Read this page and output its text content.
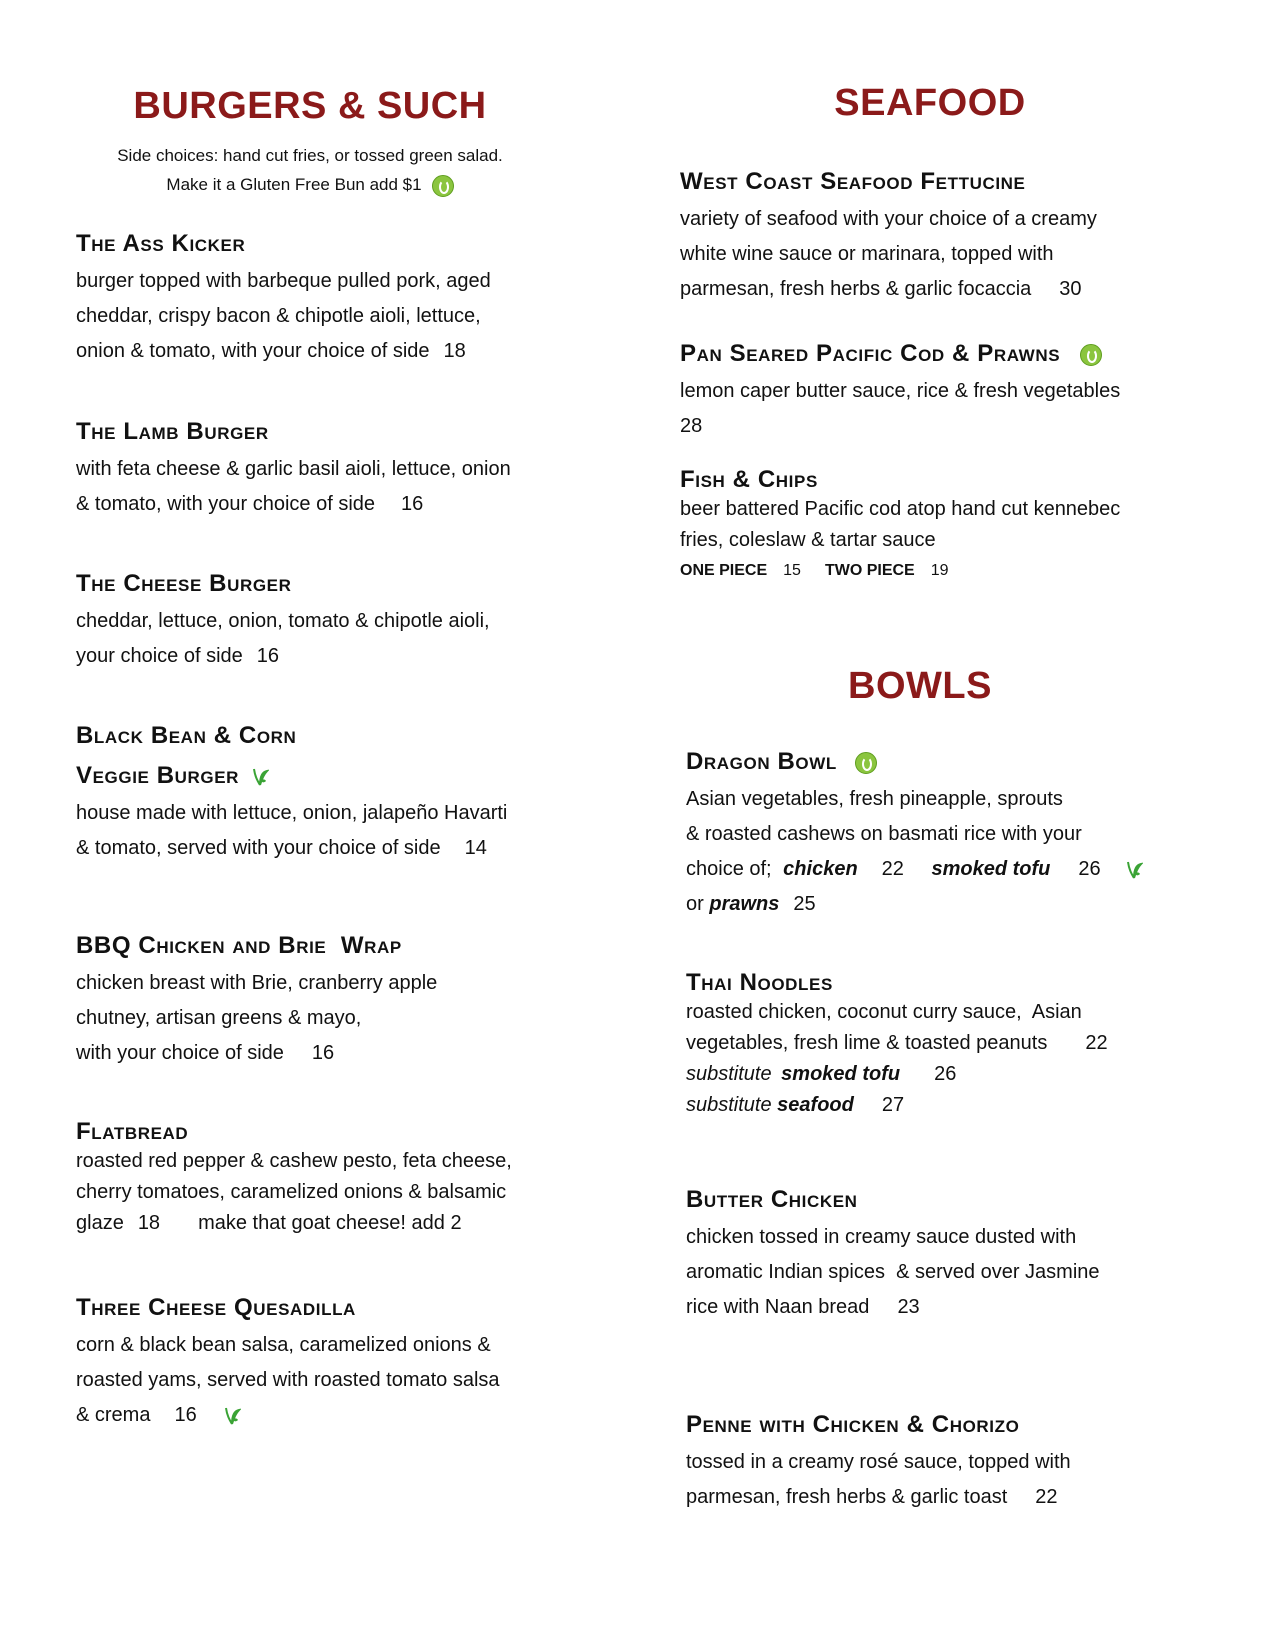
BURGERS & SUCH
Side choices: hand cut fries, or tossed green salad.
Make it a Gluten Free Bun add $1

The Ass Kicker

burger topped with barbeque pulled pork, aged
cheddar, crispy bacon & chipotle aioli, lettuce,
onion & tomato, with your choice of side 18

The Lamb Burger

with feta cheese & garlic basil aioli, lettuce, onion
& tomato, with your choice of side 16

The Cheese Burger

cheddar, lettuce, onion, tomato & chipotle aioli,
your choice of side 16

Black Bean & Corn

Veggie Burger

house made with lettuce, onion, jalapeño Havarti
& tomato, served with your choice of side 14

BBQ Chicken and Brie  Wrap

chicken breast with Brie, cranberry apple
chutney, artisan greens & mayo,
with your choice of side 16

Flatbread

roasted red pepper & cashew pesto, feta cheese,
cherry tomatoes, caramelized onions & balsamic
glaze 18 make that goat cheese! add 2

Three Cheese Quesadilla

corn & black bean salsa, caramelized onions &
roasted yams, served with roasted tomato salsa
& crema 16

SEAFOOD

West Coast Seafood Fettucine

variety of seafood with your choice of a creamy
white wine sauce or marinara, topped with
parmesan, fresh herbs & garlic focaccia 30

Pan Seared Pacific Cod & Prawns

lemon caper butter sauce, rice & fresh vegetables
28

Fish & Chips

beer battered Pacific cod atop hand cut kennebec
fries, coleslaw & tartar sauce

ONE PIECE 15 TWO PIECE 19
BOWLS

Dragon Bowl

Asian vegetables, fresh pineapple, sprouts
& roasted cashews on basmati rice with your
choice of; chicken 22 smoked tofu 26
or prawns 25

Thai Noodles

roasted chicken, coconut curry sauce,  Asian
vegetables, fresh lime & toasted peanuts 22
substitute smoked tofu 26
substitute seafood 27

Butter Chicken

chicken tossed in creamy sauce dusted with
aromatic Indian spices  & served over Jasmine
rice with Naan bread 23

Penne with Chicken & Chorizo

tossed in a creamy rosé sauce, topped with
parmesan, fresh herbs & garlic toast 22
